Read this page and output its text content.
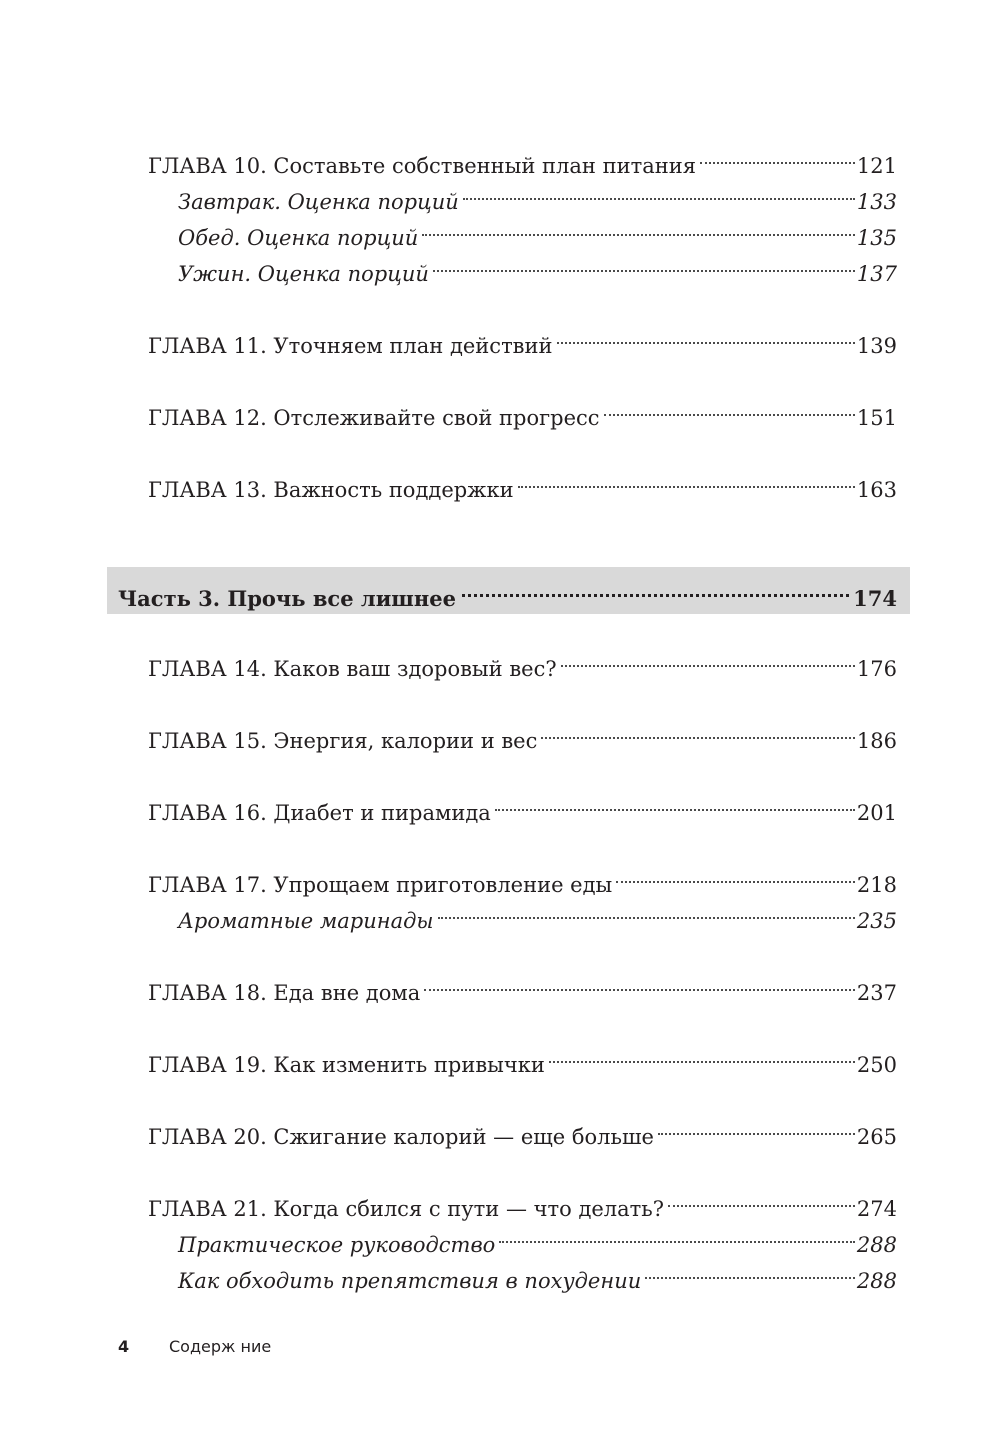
ГЛАВА 10. Составьте собственный план питания	121
Завтрак. Оценка порций	133
Обед. Оценка порций	135
Ужин. Оценка порций	137
ГЛАВА 11. Уточняем план действий	139
ГЛАВА 12. Отслеживайте свой прогресс	151
ГЛАВА 13. Важность поддержки	163
Часть 3. Прочь все лишнее	174
ГЛАВА 14. Каков ваш здоровый вес?	176
ГЛАВА 15. Энергия, калории и вес	186
ГЛАВА 16. Диабет и пирамида	201
ГЛАВА 17. Упрощаем приготовление еды	218
Ароматные маринады	235
ГЛАВА 18. Еда вне дома	237
ГЛАВА 19. Как изменить привычки	250
ГЛАВА 20. Сжигание калорий — еще больше	265
ГЛАВА 21. Когда сбился с пути — что делать?	274
Практическое руководство	288
Как обходить препятствия в похудении	288
4 Содерж ние
